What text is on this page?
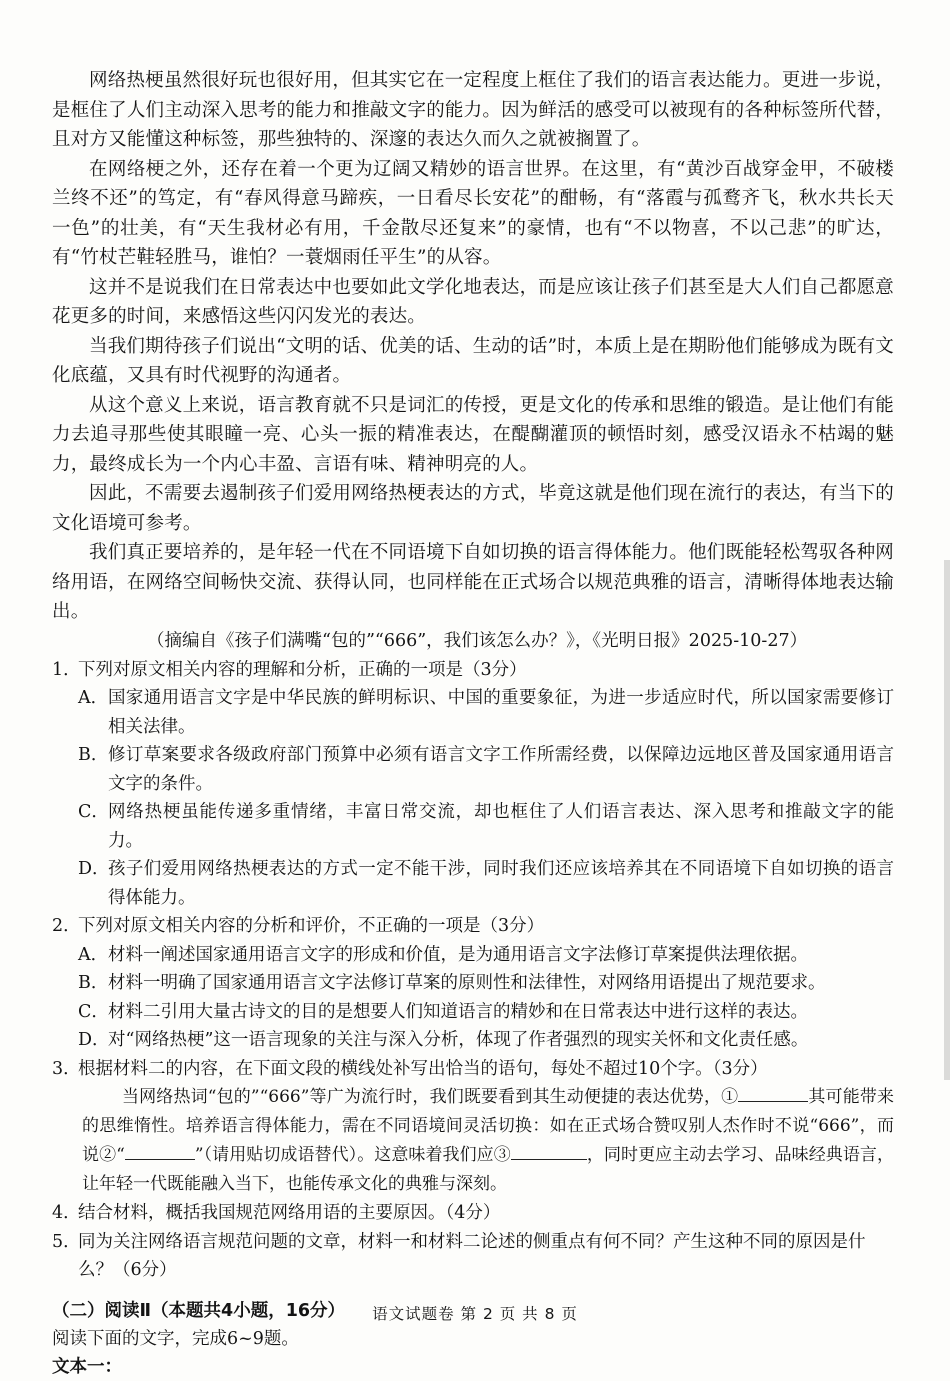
网络热梗虽然很好玩也很好用，但其实它在一定程度上框住了我们的语言表达能力。更进一步说，是框住了人们主动深入思考的能力和推敲文字的能力。因为鲜活的感受可以被现有的各种标签所代替，且对方又能懂这种标签，那些独特的、深邃的表达久而久之就被搁置了。

在网络梗之外，还存在着一个更为辽阔又精妙的语言世界。在这里，有“黄沙百战穿金甲，不破楼兰终不还”的笃定，有“春风得意马蹄疾，一日看尽长安花”的酣畅，有“落霞与孤鹜齐飞，秋水共长天一色”的壮美，有“天生我材必有用，千金散尽还复来”的豪情，也有“不以物喜，不以己悲”的旷达，有“竹杖芒鞋轻胜马，谁怕？一蓑烟雨任平生”的从容。

这并不是说我们在日常表达中也要如此文学化地表达，而是应该让孩子们甚至是大人们自己都愿意花更多的时间，来感悟这些闪闪发光的表达。

当我们期待孩子们说出“文明的话、优美的话、生动的话”时，本质上是在期盼他们能够成为既有文化底蕴，又具有时代视野的沟通者。

从这个意义上来说，语言教育就不只是词汇的传授，更是文化的传承和思维的锻造。是让他们有能力去追寻那些使其眼瞳一亮、心头一振的精准表达，在醍醐灌顶的顿悟时刻，感受汉语永不枯竭的魅力，最终成长为一个内心丰盈、言语有味、精神明亮的人。

因此，不需要去遏制孩子们爱用网络热梗表达的方式，毕竟这就是他们现在流行的表达，有当下的文化语境可参考。

我们真正要培养的，是年轻一代在不同语境下自如切换的语言得体能力。他们既能轻松驾驭各种网络用语，在网络空间畅快交流、获得认同，也同样能在正式场合以规范典雅的语言，清晰得体地表达输出。

（摘编自《孩子们满嘴“包的”“666”，我们该怎么办？》，《光明日报》2025-10-27）

1．
下列对原文相关内容的理解和分析，正确的一项是（3分）
A． 国家通用语言文字是中华民族的鲜明标识、中国的重要象征，为进一步适应时代，所以国家需要修订相关法律。
B． 修订草案要求各级政府部门预算中必须有语言文字工作所需经费，以保障边远地区普及国家通用语言文字的条件。
C． 网络热梗虽能传递多重情绪，丰富日常交流，却也框住了人们语言表达、深入思考和推敲文字的能力。
D．
孩子们爱用网络热梗表达的方式一定不能干涉，同时我们还应该培养其在不同语境下自如切换的语言得体能力。
2．
下列对原文相关内容的分析和评价，不正确的一项是（3分）
A． 材料一阐述国家通用语言文字的形成和价值，是为通用语言文字法修订草案提供法理依据。
B． 材料一明确了国家通用语言文字法修订草案的原则性和法律性，对网络用语提出了规范要求。
C． 材料二引用大量古诗文的目的是想要人们知道语言的精妙和在日常表达中进行这样的表达。
D．
对“网络热梗”这一语言现象的关注与深入分析，体现了作者强烈的现实关怀和文化责任感。
3．
根据材料二的内容，在下面文段的横线处补写出恰当的语句，每处不超过10个字。（3分）

当网络热词“包的”“666”等广为流行时，我们既要看到其生动便捷的表达优势，①	其可能带来的思维惰性。培养语言得体能力，需在不同语境间灵活切换：如在正式场合赞叹别人杰作时不说“666”，而说②“	”（请用贴切成语替代）。这意味着我们应③	，同时更应主动去学习、品味经典语言，让年轻一代既能融入当下，也能传承文化的典雅与深刻。

4．
结合材料，概括我国规范网络用语的主要原因。（4分）
5．
同为关注网络语言规范问题的文章，材料一和材料二论述的侧重点有何不同？产生这种不同的原因是什么？（6分）

（二）阅读Ⅱ（本题共4小题，16分）

阅读下面的文字，完成6~9题。

文本一：

语文试题卷 第 2 页 共 8 页
